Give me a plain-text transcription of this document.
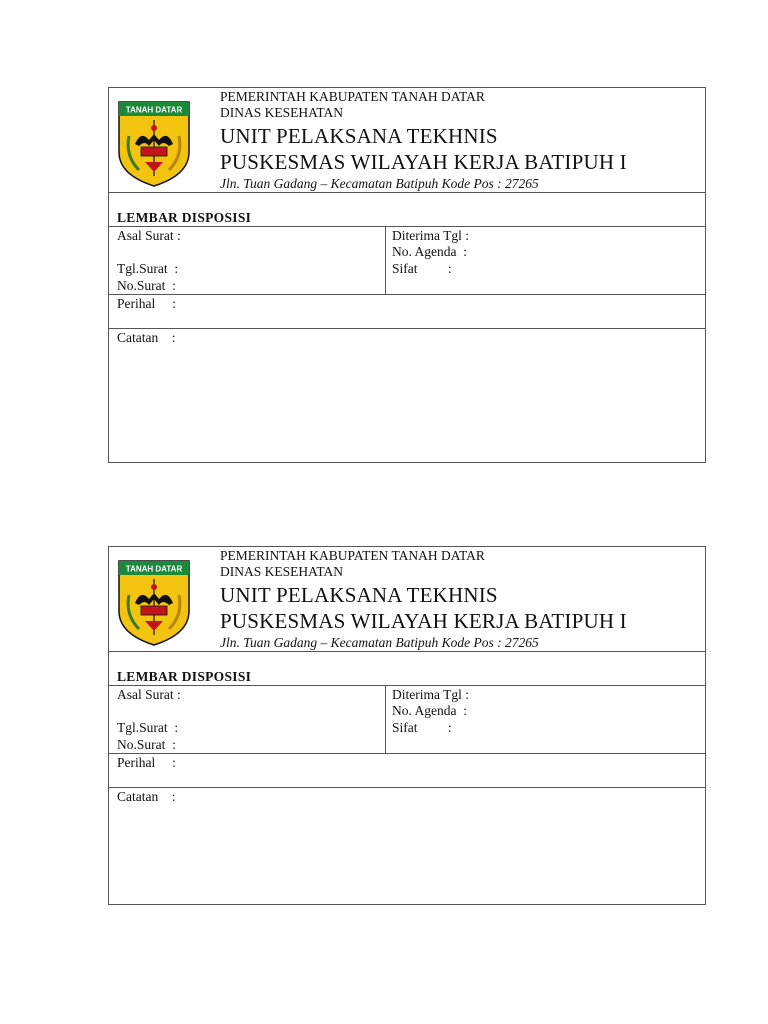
TANAH DATAR
PEMERINTAH KABUPATEN TANAH DATAR
DINAS KESEHATAN
UNIT PELAKSANA TEKHNIS
PUSKESMAS WILAYAH KERJA BATIPUH I
Jln. Tuan Gadang – Kecamatan Batipuh Kode Pos : 27265
LEMBAR DISPOSISI
Asal Surat :
Tgl.Surat  :
No.Surat  :
Diterima Tgl :
No. Agenda  :
Sifat         :
Perihal     :
Catatan    :
TANAH DATAR
PEMERINTAH KABUPATEN TANAH DATAR
DINAS KESEHATAN
UNIT PELAKSANA TEKHNIS
PUSKESMAS WILAYAH KERJA BATIPUH I
Jln. Tuan Gadang – Kecamatan Batipuh Kode Pos : 27265
LEMBAR DISPOSISI
Asal Surat :
Tgl.Surat  :
No.Surat  :
Diterima Tgl :
No. Agenda  :
Sifat         :
Perihal     :
Catatan    :
